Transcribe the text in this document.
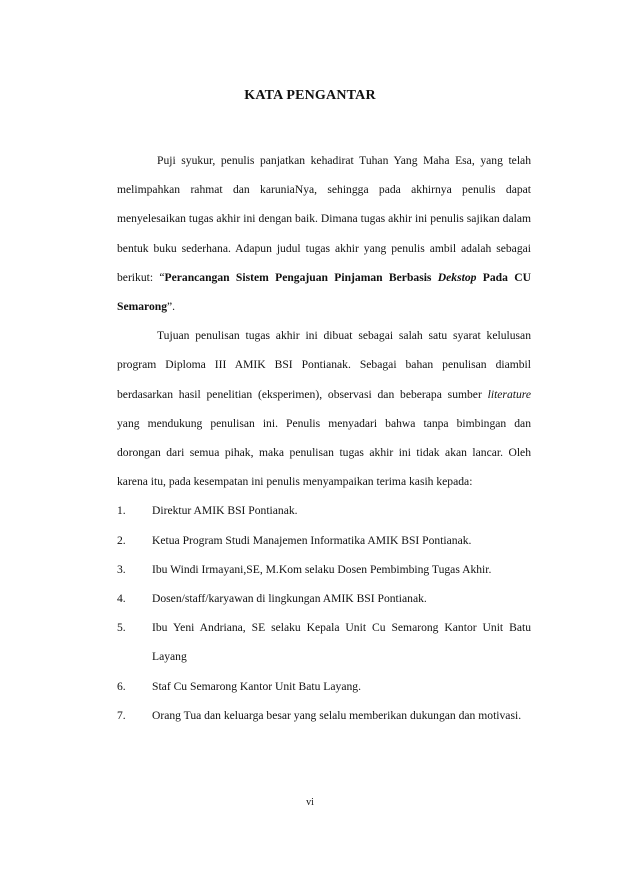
KATA PENGANTAR

Puji syukur, penulis panjatkan kehadirat Tuhan Yang Maha Esa, yang telah melimpahkan rahmat dan karuniaNya, sehingga pada akhirnya penulis dapat menyelesaikan tugas akhir ini dengan baik. Dimana tugas akhir ini penulis sajikan dalam bentuk buku sederhana. Adapun judul tugas akhir yang penulis ambil adalah sebagai berikut: “Perancangan Sistem Pengajuan Pinjaman Berbasis Dekstop Pada CU Semarong”.

Tujuan penulisan tugas akhir ini dibuat sebagai salah satu syarat kelulusan program Diploma III AMIK BSI Pontianak. Sebagai bahan penulisan diambil berdasarkan hasil penelitian (eksperimen), observasi dan beberapa sumber literature yang mendukung penulisan ini. Penulis menyadari bahwa tanpa bimbingan dan dorongan dari semua pihak, maka penulisan tugas akhir ini tidak akan lancar. Oleh karena itu, pada kesempatan ini penulis menyampaikan terima kasih kepada:

1. Direktur AMIK BSI Pontianak.
2. Ketua Program Studi Manajemen Informatika AMIK BSI Pontianak.
3. Ibu Windi Irmayani,SE, M.Kom selaku Dosen Pembimbing Tugas Akhir.
4. Dosen/staff/karyawan di lingkungan AMIK BSI Pontianak.
5. Ibu Yeni Andriana, SE selaku Kepala Unit Cu Semarong Kantor Unit Batu Layang
6. Staf Cu Semarong Kantor Unit Batu Layang.
7. Orang Tua dan keluarga besar yang selalu memberikan dukungan dan motivasi.
vi
